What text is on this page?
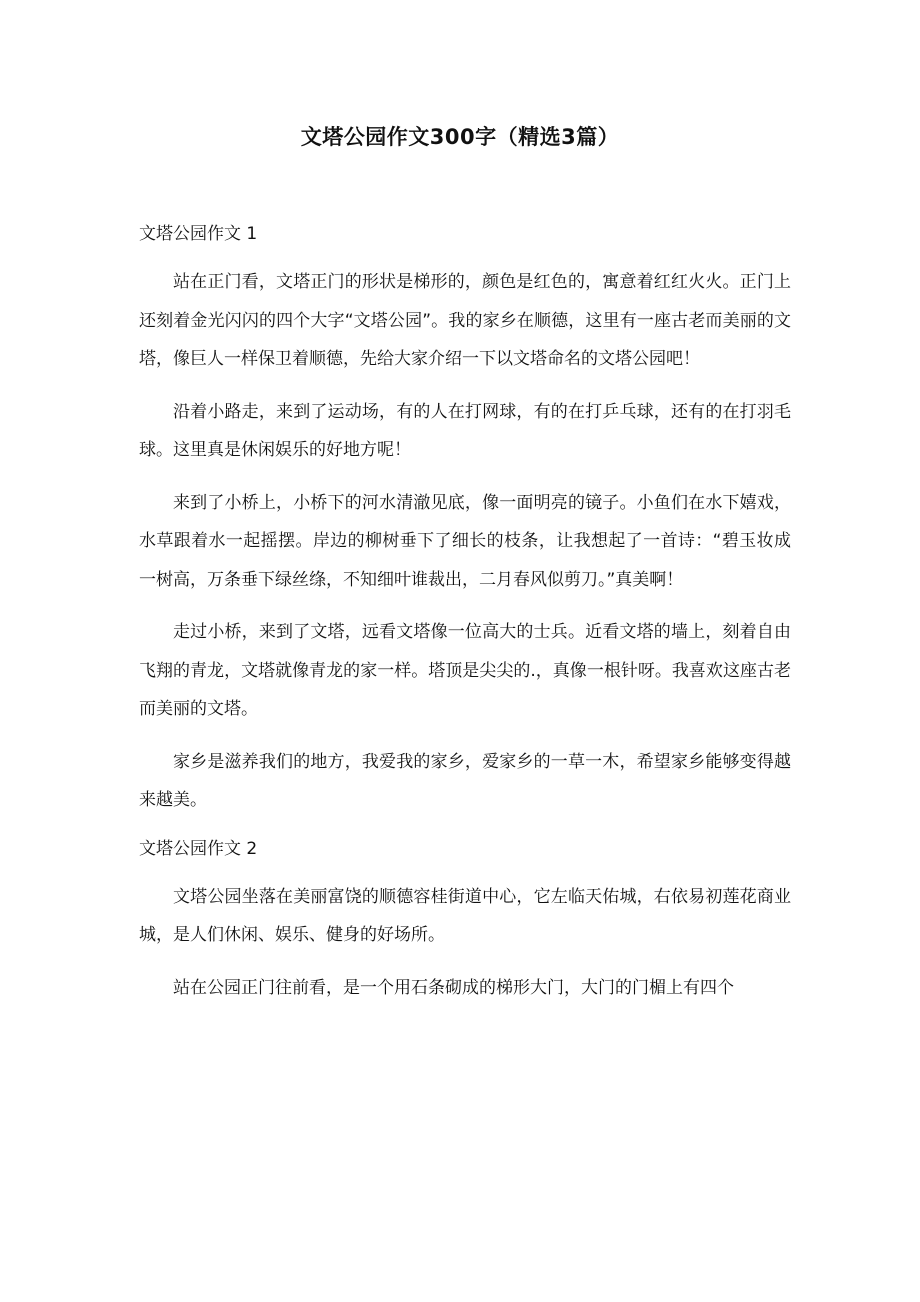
文塔公园作文300字（精选3篇）
文塔公园作文 1

站在正门看，文塔正门的形状是梯形的，颜色是红色的，寓意着红红火火。正门上还刻着金光闪闪的四个大字“文塔公园”。我的家乡在顺德，这里有一座古老而美丽的文塔，像巨人一样保卫着顺德，先给大家介绍一下以文塔命名的文塔公园吧！

沿着小路走，来到了运动场，有的人在打网球，有的在打乒乓球，还有的在打羽毛球。这里真是休闲娱乐的好地方呢！

来到了小桥上，小桥下的河水清澈见底，像一面明亮的镜子。小鱼们在水下嬉戏，水草跟着水一起摇摆。岸边的柳树垂下了细长的枝条，让我想起了一首诗：“碧玉妆成一树高，万条垂下绿丝绦，不知细叶谁裁出，二月春风似剪刀。”真美啊！

走过小桥，来到了文塔，远看文塔像一位高大的士兵。近看文塔的墙上，刻着自由飞翔的青龙，文塔就像青龙的家一样。塔顶是尖尖的.，真像一根针呀。我喜欢这座古老而美丽的文塔。

家乡是滋养我们的地方，我爱我的家乡，爱家乡的一草一木，希望家乡能够变得越来越美。

文塔公园作文 2

文塔公园坐落在美丽富饶的顺德容桂街道中心，它左临天佑城，右依易初莲花商业城，是人们休闲、娱乐、健身的好场所。

站在公园正门往前看，是一个用石条砌成的梯形大门，大门的门楣上有四个
